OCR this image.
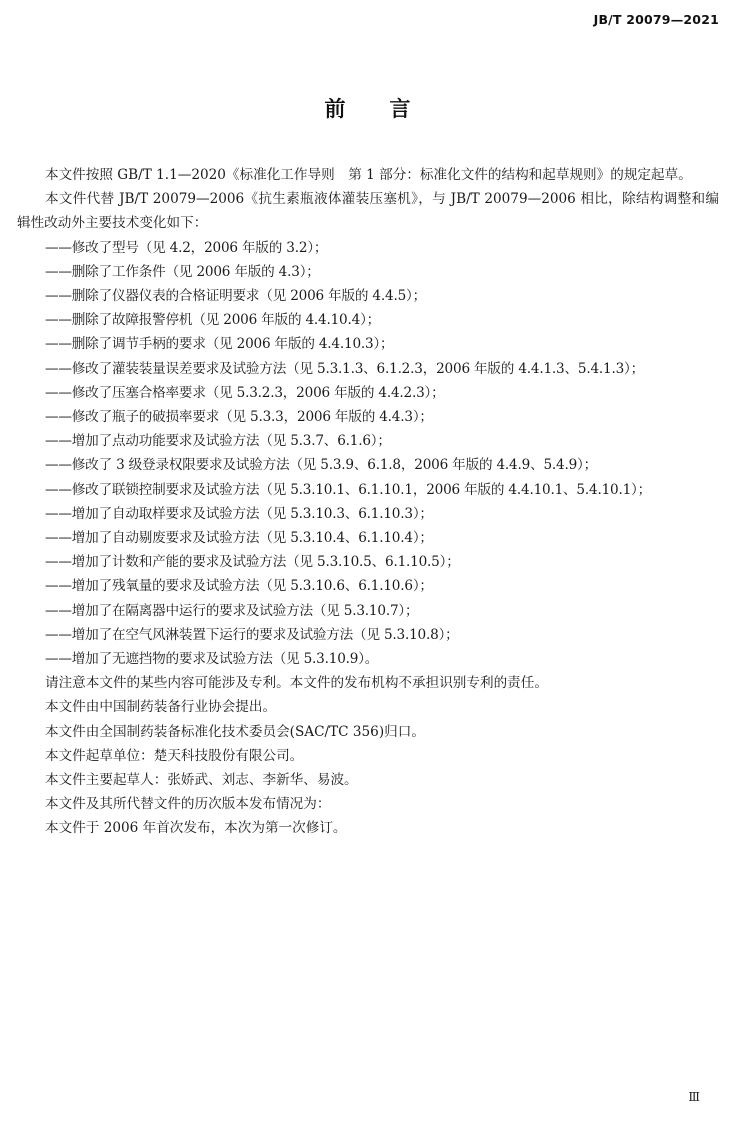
JB/T 20079—2021
前言

本文件按照 GB/T 1.1—2020《标准化工作导则　第 1 部分：标准化文件的结构和起草规则》的规定起草。

本文件代替 JB/T 20079—2006《抗生素瓶液体灌装压塞机》，与 JB/T 20079—2006 相比，除结构调整和编辑性改动外主要技术变化如下：

——修改了型号（见 4.2，2006 年版的 3.2）；
——删除了工作条件（见 2006 年版的 4.3）；
——删除了仪器仪表的合格证明要求（见 2006 年版的 4.4.5）；
——删除了故障报警停机（见 2006 年版的 4.4.10.4）；
——删除了调节手柄的要求（见 2006 年版的 4.4.10.3）；
——修改了灌装装量误差要求及试验方法（见 5.3.1.3、6.1.2.3，2006 年版的 4.4.1.3、5.4.1.3）；
——修改了压塞合格率要求（见 5.3.2.3，2006 年版的 4.4.2.3）；
——修改了瓶子的破损率要求（见 5.3.3，2006 年版的 4.4.3）；
——增加了点动功能要求及试验方法（见 5.3.7、6.1.6）；
——修改了 3 级登录权限要求及试验方法（见 5.3.9、6.1.8，2006 年版的 4.4.9、5.4.9）；
——修改了联锁控制要求及试验方法（见 5.3.10.1、6.1.10.1，2006 年版的 4.4.10.1、5.4.10.1）；
——增加了自动取样要求及试验方法（见 5.3.10.3、6.1.10.3）；
——增加了自动剔废要求及试验方法（见 5.3.10.4、6.1.10.4）；
——增加了计数和产能的要求及试验方法（见 5.3.10.5、6.1.10.5）；
——增加了残氧量的要求及试验方法（见 5.3.10.6、6.1.10.6）；
——增加了在隔离器中运行的要求及试验方法（见 5.3.10.7）；
——增加了在空气风淋装置下运行的要求及试验方法（见 5.3.10.8）；
——增加了无遮挡物的要求及试验方法（见 5.3.10.9）。

请注意本文件的某些内容可能涉及专利。本文件的发布机构不承担识别专利的责任。

本文件由中国制药装备行业协会提出。

本文件由全国制药装备标准化技术委员会(SAC/TC 356)归口。

本文件起草单位：楚天科技股份有限公司。

本文件主要起草人：张娇武、刘志、李新华、易波。

本文件及其所代替文件的历次版本发布情况为：

本文件于 2006 年首次发布，本次为第一次修订。

Ⅲ
